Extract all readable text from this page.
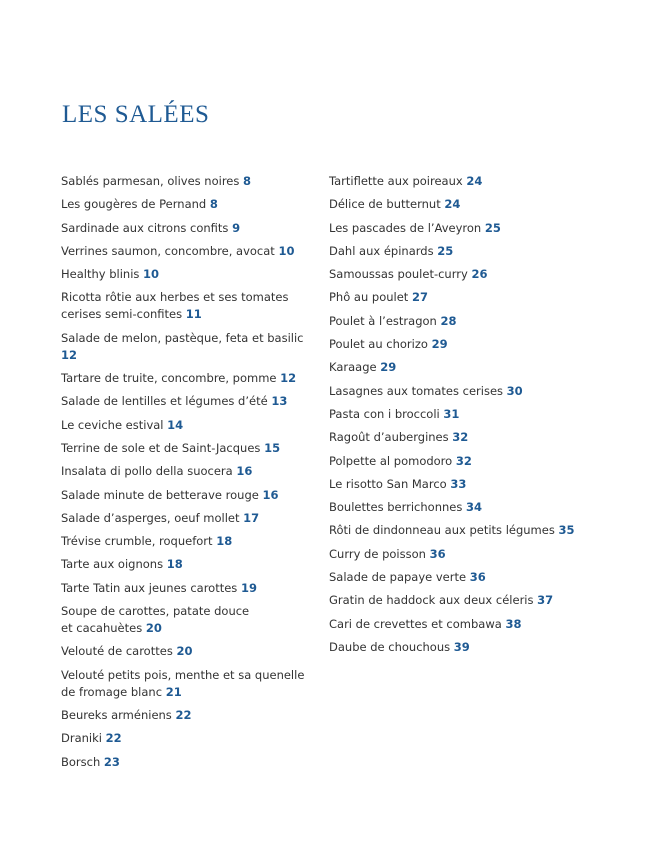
LES SALÉES
Sablés parmesan, olives noires 8
Les gougères de Pernand 8
Sardinade aux citrons confits 9
Verrines saumon, concombre, avocat 10
Healthy blinis 10
Ricotta rôtie aux herbes et ses tomates
cerises semi-confites 11
Salade de melon, pastèque, feta et basilic 12
Tartare de truite, concombre, pomme 12
Salade de lentilles et légumes d’été 13
Le ceviche estival 14
Terrine de sole et de Saint-Jacques 15
Insalata di pollo della suocera 16
Salade minute de betterave rouge 16
Salade d’asperges, oeuf mollet 17
Trévise crumble, roquefort 18
Tarte aux oignons 18
Tarte Tatin aux jeunes carottes 19
Soupe de carottes, patate douce
et cacahuètes 20
Velouté de carottes 20
Velouté petits pois, menthe et sa quenelle
de fromage blanc 21
Beureks arméniens 22
Draniki 22
Borsch 23
Tartiflette aux poireaux 24
Délice de butternut 24
Les pascades de l’Aveyron 25
Dahl aux épinards 25
Samoussas poulet-curry 26
Phô au poulet 27
Poulet à l’estragon 28
Poulet au chorizo 29
Karaage 29
Lasagnes aux tomates cerises 30
Pasta con i broccoli 31
Ragoût d’aubergines 32
Polpette al pomodoro 32
Le risotto San Marco 33
Boulettes berrichonnes 34
Rôti de dindonneau aux petits légumes 35
Curry de poisson 36
Salade de papaye verte 36
Gratin de haddock aux deux céleris 37
Cari de crevettes et combawa 38
Daube de chouchous 39
